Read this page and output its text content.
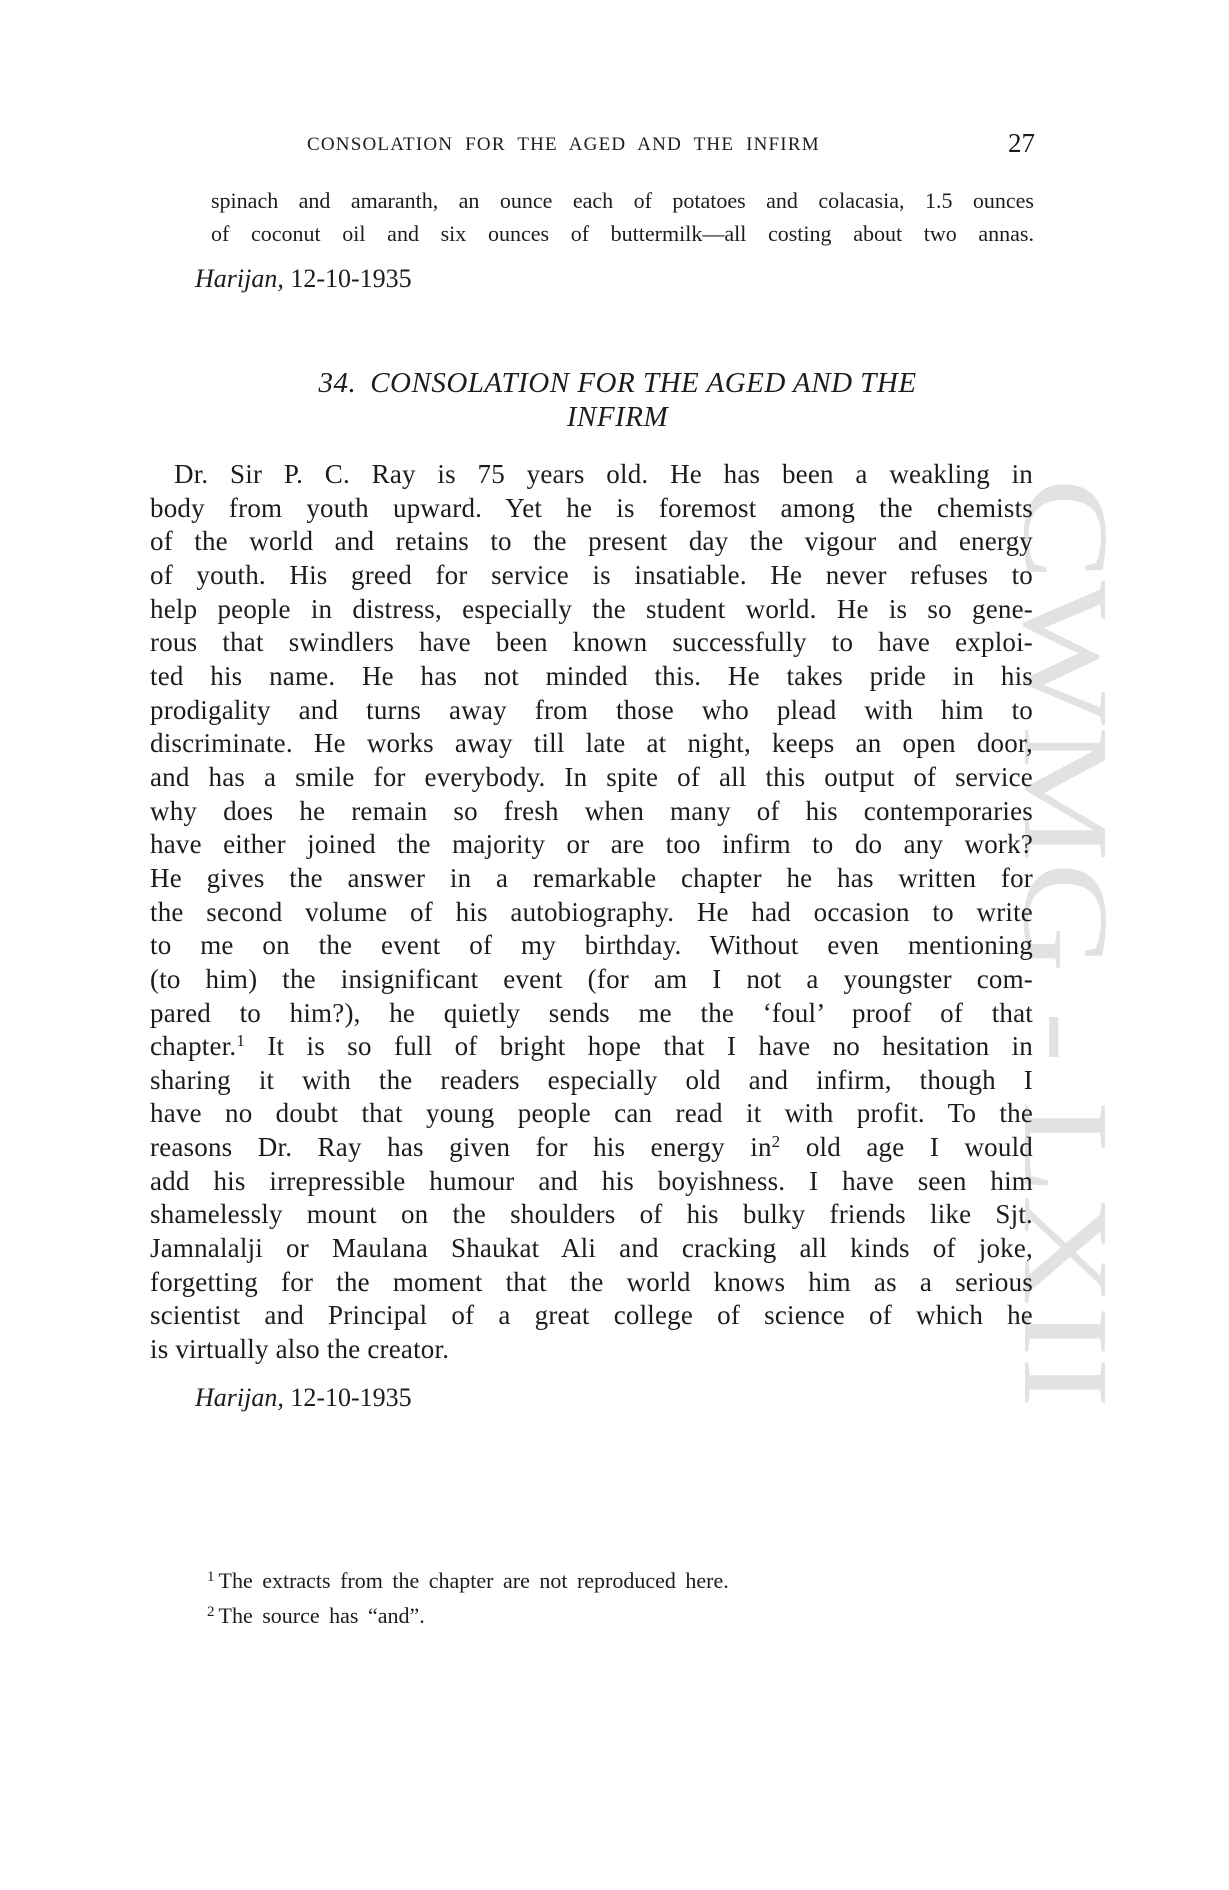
CWMG - LXII
CONSOLATION FOR THE AGED AND THE INFIRM	27
spinach and amaranth, an ounce each of potatoes and colacasia, 1.5 ounces
of coconut oil and six ounces of buttermilk—all costing about two annas.
Harijan, 12-10-1935
34. CONSOLATION FOR THE AGED AND THE
INFIRM
Dr. Sir P. C. Ray is 75 years old. He has been a weakling in
body from youth upward. Yet he is foremost among the chemists
of the world and retains to the present day the vigour and energy
of youth. His greed for service is insatiable. He never refuses to
help people in distress, especially the student world. He is so gene-
rous that swindlers have been known successfully to have exploi-
ted his name. He has not minded this. He takes pride in his
prodigality and turns away from those who plead with him to
discriminate. He works away till late at night, keeps an open door,
and has a smile for everybody. In spite of all this output of service
why does he remain so fresh when many of his contemporaries
have either joined the majority or are too infirm to do any work?
He gives the answer in a remarkable chapter he has written for
the second volume of his autobiography. He had occasion to write
to me on the event of my birthday. Without even mentioning
(to him) the insignificant event (for am I not a youngster com-
pared to him?), he quietly sends me the ‘foul’ proof of that
chapter.$^1$ It is so full of bright hope that I have no hesitation in
sharing it with the readers especially old and infirm, though I
have no doubt that young people can read it with profit. To the
reasons Dr. Ray has given for his energy $in^2$ old age I would
add his irrepressible humour and his boyishness. I have seen him
shamelessly mount on the shoulders of his bulky friends like Sjt.
Jamnalalji or Maulana Shaukat Ali and cracking all kinds of joke,
forgetting for the moment that the world knows him as a serious
scientist and Principal of a great college of science of which he
is virtually also the creator.
Harijan, 12-10-1935
$^1$ The extracts from the chapter are not reproduced here.
$^2$ The source has “and”.
